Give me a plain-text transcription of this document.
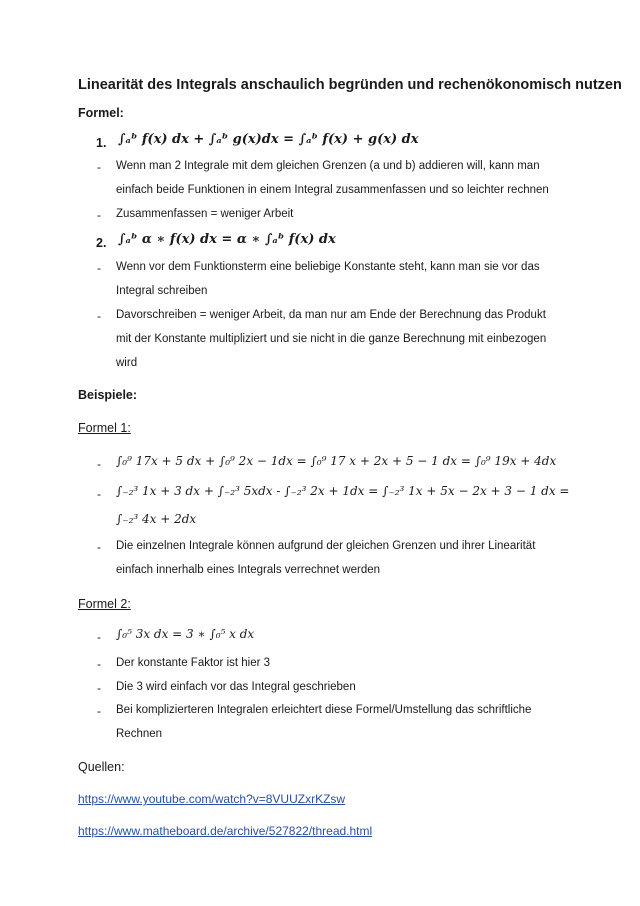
Linearität des Integrals anschaulich begründen und rechenökonomisch nutzen
Formel:
1. ∫ₐᵇ f(x) dx + ∫ₐᵇ g(x)dx = ∫ₐᵇ f(x) + g(x) dx
- Wenn man 2 Integrale mit dem gleichen Grenzen (a und b) addieren will, kann man
einfach beide Funktionen in einem Integral zusammenfassen und so leichter rechnen
- Zusammenfassen = weniger Arbeit
2. ∫ₐᵇ α ∗ f(x) dx = α ∗ ∫ₐᵇ f(x) dx
- Wenn vor dem Funktionsterm eine beliebige Konstante steht, kann man sie vor das
Integral schreiben
- Davorschreiben = weniger Arbeit, da man nur am Ende der Berechnung das Produkt
mit der Konstante multipliziert und sie nicht in die ganze Berechnung mit einbezogen
wird
Beispiele:
Formel 1:
- ∫₀⁹ 17x + 5 dx + ∫₀⁹ 2x − 1dx = ∫₀⁹ 17 x + 2x + 5 − 1 dx = ∫₀⁹ 19x + 4dx
- ∫₋₂³ 1x + 3 dx + ∫₋₂³ 5xdx - ∫₋₂³ 2x + 1dx = ∫₋₂³ 1x + 5x − 2x + 3 − 1 dx =
∫₋₂³ 4x + 2dx
- Die einzelnen Integrale können aufgrund der gleichen Grenzen und ihrer Linearität
einfach innerhalb eines Integrals verrechnet werden
Formel 2:
- ∫₀⁵ 3x dx = 3 ∗ ∫₀⁵ x dx
- Der konstante Faktor ist hier 3
- Die 3 wird einfach vor das Integral geschrieben
- Bei komplizierteren Integralen erleichtert diese Formel/Umstellung das schriftliche
Rechnen
Quellen:
https://www.youtube.com/watch?v=8VUUZxrKZsw
https://www.matheboard.de/archive/527822/thread.html
